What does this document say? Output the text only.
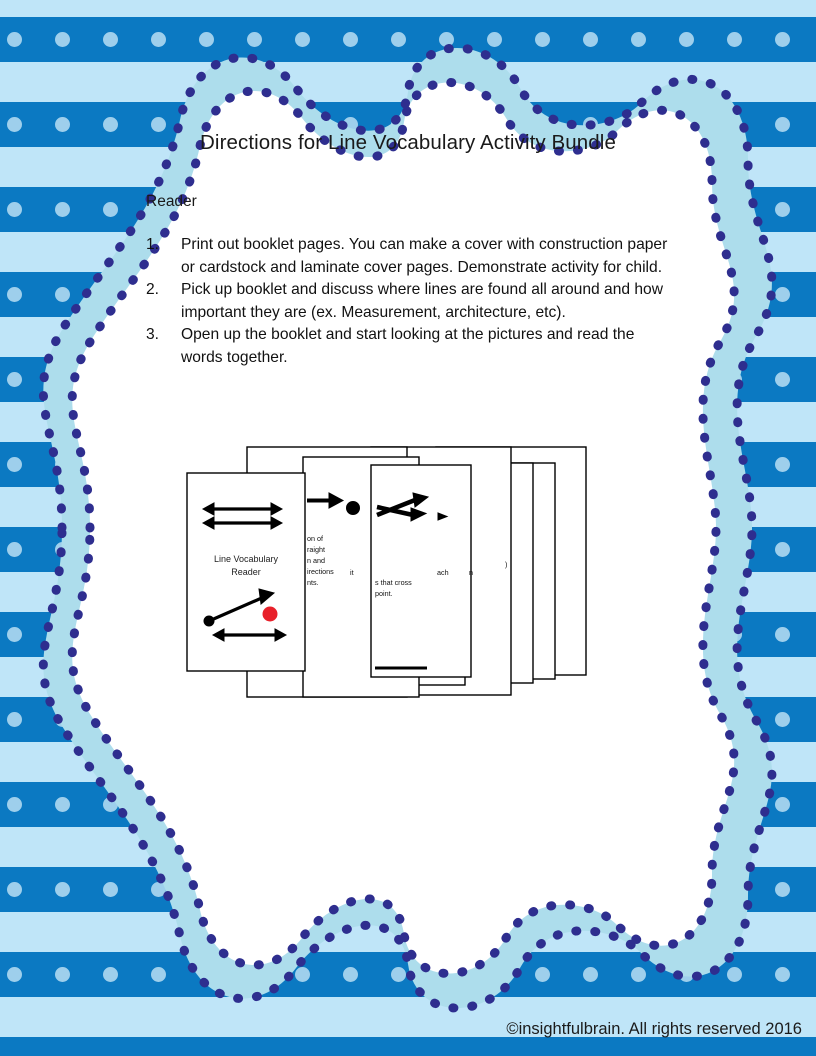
Directions for Line Vocabulary Activity Bundle
Reader
1.	Print out booklet pages. You can make a cover with construction paper or cardstock and laminate cover pages. Demonstrate activity for child.
2.	Pick up booklet and discuss where lines are found all around and how important they are (ex. Measurement, architecture, etc).
3.	Open up the booklet and start looking at the pictures and read the words together.
on of
raight
n and
irections
nts.
it
s that cross
point.
ach	n
)
Line Vocabulary
Reader
©insightfulbrain. All rights reserved 2016
